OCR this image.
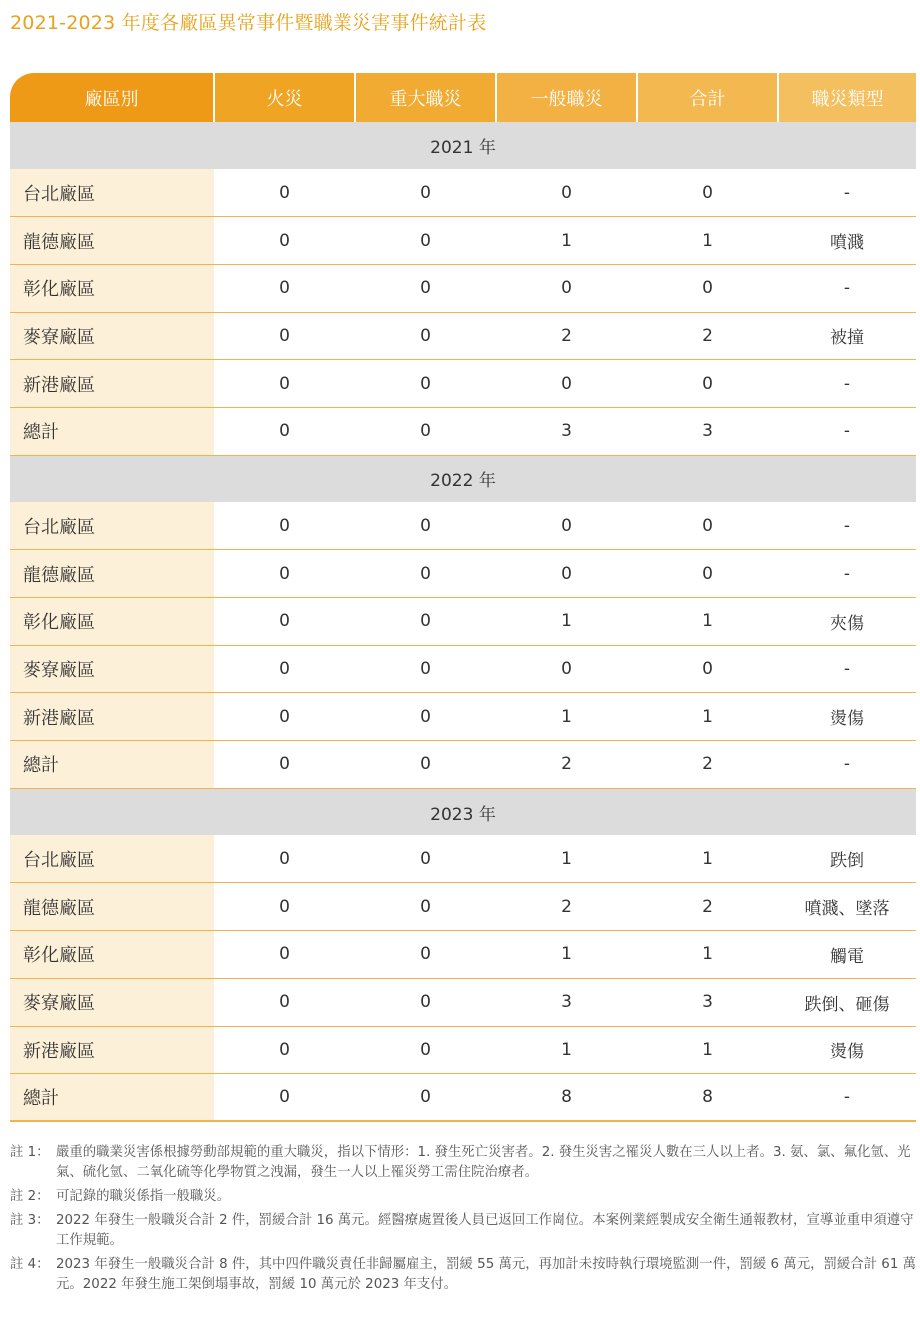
2021-2023 年度各廠區異常事件暨職業災害事件統計表
廠區別	火災	重大職災	一般職災	合計	職災類型
2021 年					
台北廠區	0	0	0	0	-
龍德廠區	0	0	1	1	噴濺
彰化廠區	0	0	0	0	-
麥寮廠區	0	0	2	2	被撞
新港廠區	0	0	0	0	-
總計	0	0	3	3	-
2022 年					
台北廠區	0	0	0	0	-
龍德廠區	0	0	0	0	-
彰化廠區	0	0	1	1	夾傷
麥寮廠區	0	0	0	0	-
新港廠區	0	0	1	1	燙傷
總計	0	0	2	2	-
2023 年					
台北廠區	0	0	1	1	跌倒
龍德廠區	0	0	2	2	噴濺、墜落
彰化廠區	0	0	1	1	觸電
麥寮廠區	0	0	3	3	跌倒、砸傷
新港廠區	0	0	1	1	燙傷
總計	0	0	8	8	-
註 1： 嚴重的職業災害係根據勞動部規範的重大職災，指以下情形：1. 發生死亡災害者。2. 發生災害之罹災人數在三人以上者。3. 氨、氯、氟化氫、光氣、硫化氫、二氧化硫等化學物質之洩漏，發生一人以上罹災勞工需住院治療者。
註 2： 可記錄的職災係指一般職災。
註 3： 2022 年發生一般職災合計 2 件，罰緩合計 16 萬元。經醫療處置後人員已返回工作崗位。本案例業經製成安全衛生通報教材，宣導並重申須遵守工作規範。
註 4： 2023 年發生一般職災合計 8 件，其中四件職災責任非歸屬雇主，罰緩 55 萬元，再加計未按時執行環境監測一件，罰緩 6 萬元，罰緩合計 61 萬元。2022 年發生施工架倒塌事故，罰緩 10 萬元於 2023 年支付。
